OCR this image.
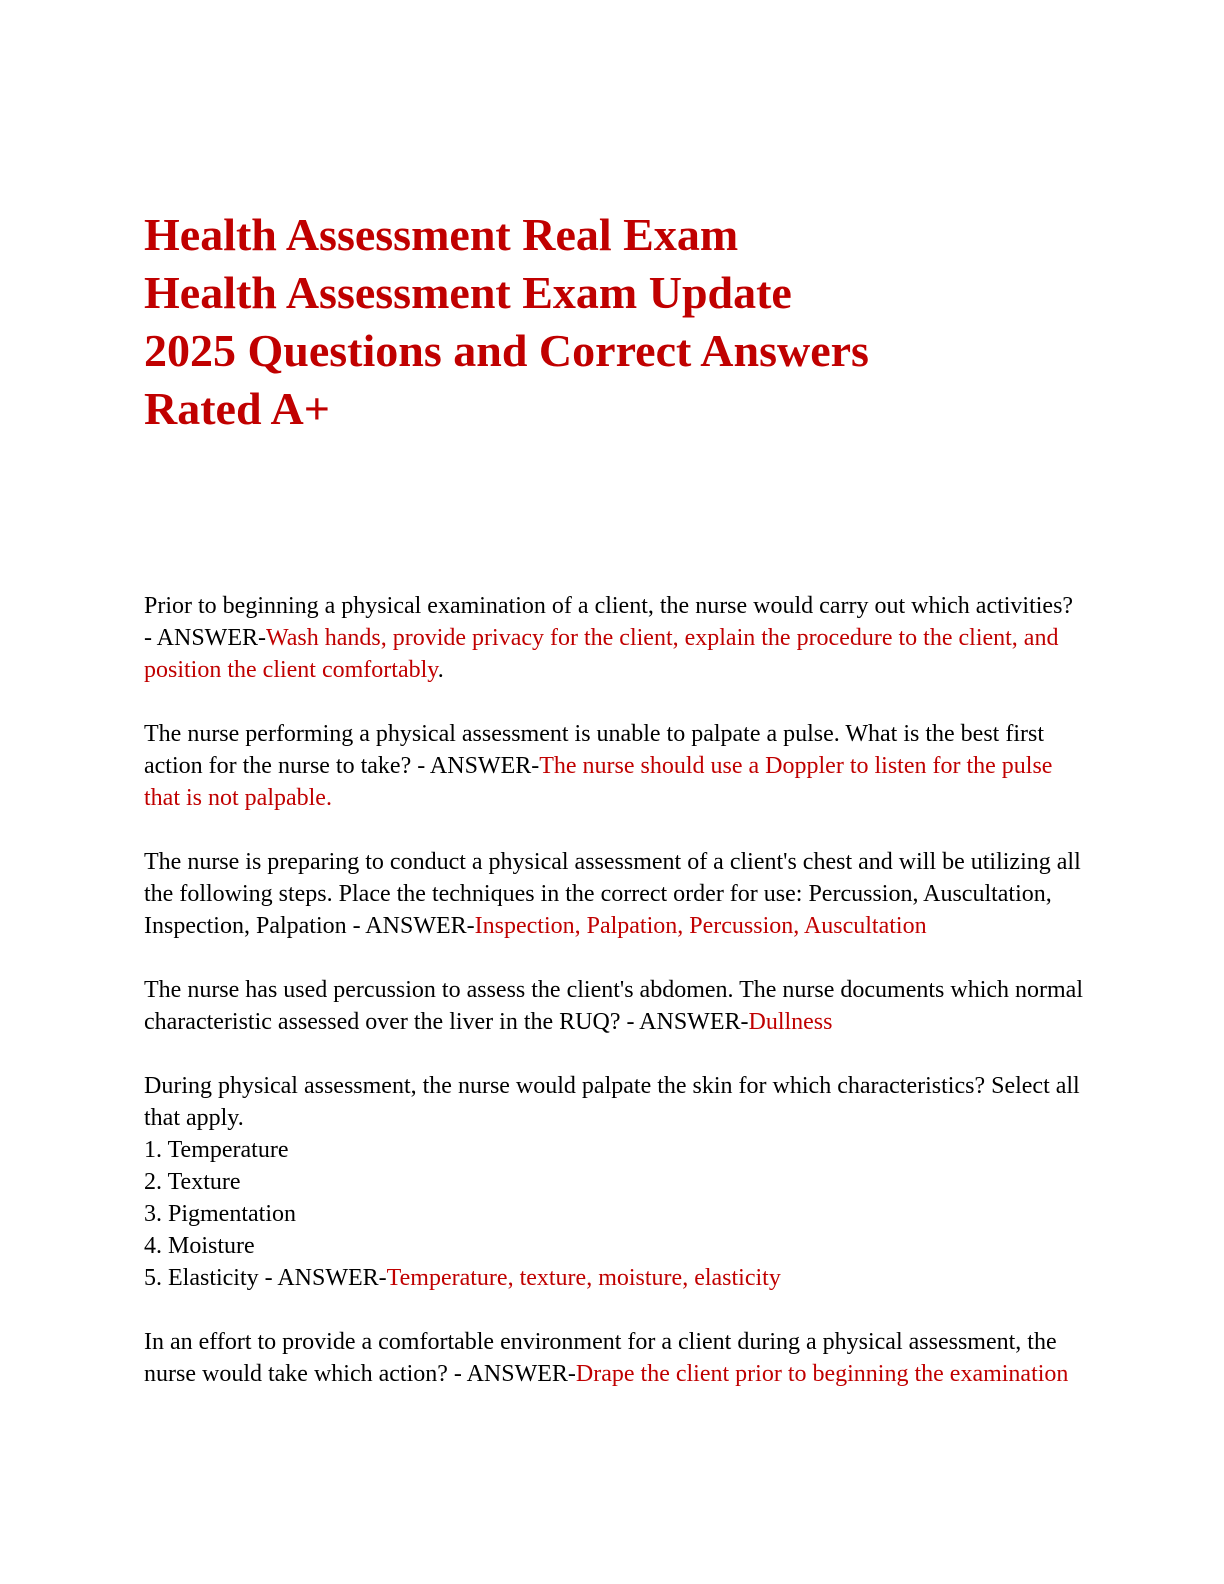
Health Assessment Real Exam
Health Assessment Exam Update
2025 Questions and Correct Answers
Rated A+

Prior to beginning a physical examination of a client, the nurse would carry out which activities? - ANSWER-Wash hands, provide privacy for the client, explain the procedure to the client, and position the client comfortably.

The nurse performing a physical assessment is unable to palpate a pulse. What is the best first action for the nurse to take? - ANSWER-The nurse should use a Doppler to listen for the pulse that is not palpable.

The nurse is preparing to conduct a physical assessment of a client's chest and will be utilizing all the following steps. Place the techniques in the correct order for use: Percussion, Auscultation, Inspection, Palpation - ANSWER-Inspection, Palpation, Percussion, Auscultation

The nurse has used percussion to assess the client's abdomen. The nurse documents which normal characteristic assessed over the liver in the RUQ? - ANSWER-Dullness

During physical assessment, the nurse would palpate the skin for which characteristics? Select all that apply.
1. Temperature
2. Texture
3. Pigmentation
4. Moisture
5. Elasticity - ANSWER-Temperature, texture, moisture, elasticity

In an effort to provide a comfortable environment for a client during a physical assessment, the nurse would take which action? - ANSWER-Drape the client prior to beginning the examination
